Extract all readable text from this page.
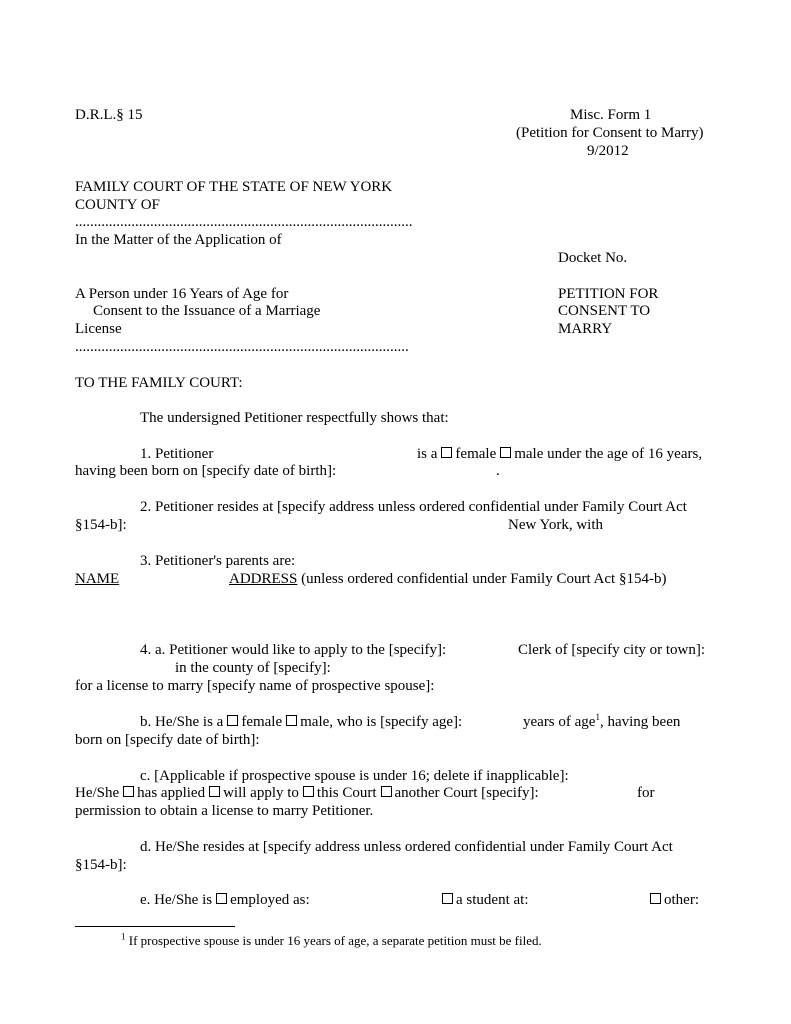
D.R.L.§ 15	Misc. Form 1
(Petition for Consent to Marry)
9/2012
FAMILY COURT OF THE STATE OF NEW YORK
COUNTY OF
..........................................................................................
In the Matter of the Application of
Docket No.
A Person under 16 Years of Age for
Consent to the Issuance of a Marriage
License
PETITION FOR
CONSENT TO
MARRY
.........................................................................................
TO THE FAMILY COURT:
The undersigned Petitioner respectfully shows that:
1. Petitioner	is a female male under the age of 16 years,
having been born on [specify date of birth]:	.
2. Petitioner resides at [specify address unless ordered confidential under Family Court Act
§154-b]:	New York, with
3. Petitioner's parents are:
NAME	ADDRESS (unless ordered confidential under Family Court Act §154-b)
4. a. Petitioner would like to apply to the [specify]:	Clerk of [specify city or town]:
in the county of [specify]:
for a license to marry [specify name of prospective spouse]:
b. He/She is a female male, who is [specify age]:	years of age$^1$, having been
born on [specify date of birth]:
c. [Applicable if prospective spouse is under 16; delete if inapplicable]:
He/She has applied will apply to this Court another Court [specify]:	for
permission to obtain a license to marry Petitioner.
d. He/She resides at [specify address unless ordered confidential under Family Court Act
§154-b]:
e. He/She is employed as:	a student at:	other:
$^1$ If prospective spouse is under 16 years of age, a separate petition must be filed.
